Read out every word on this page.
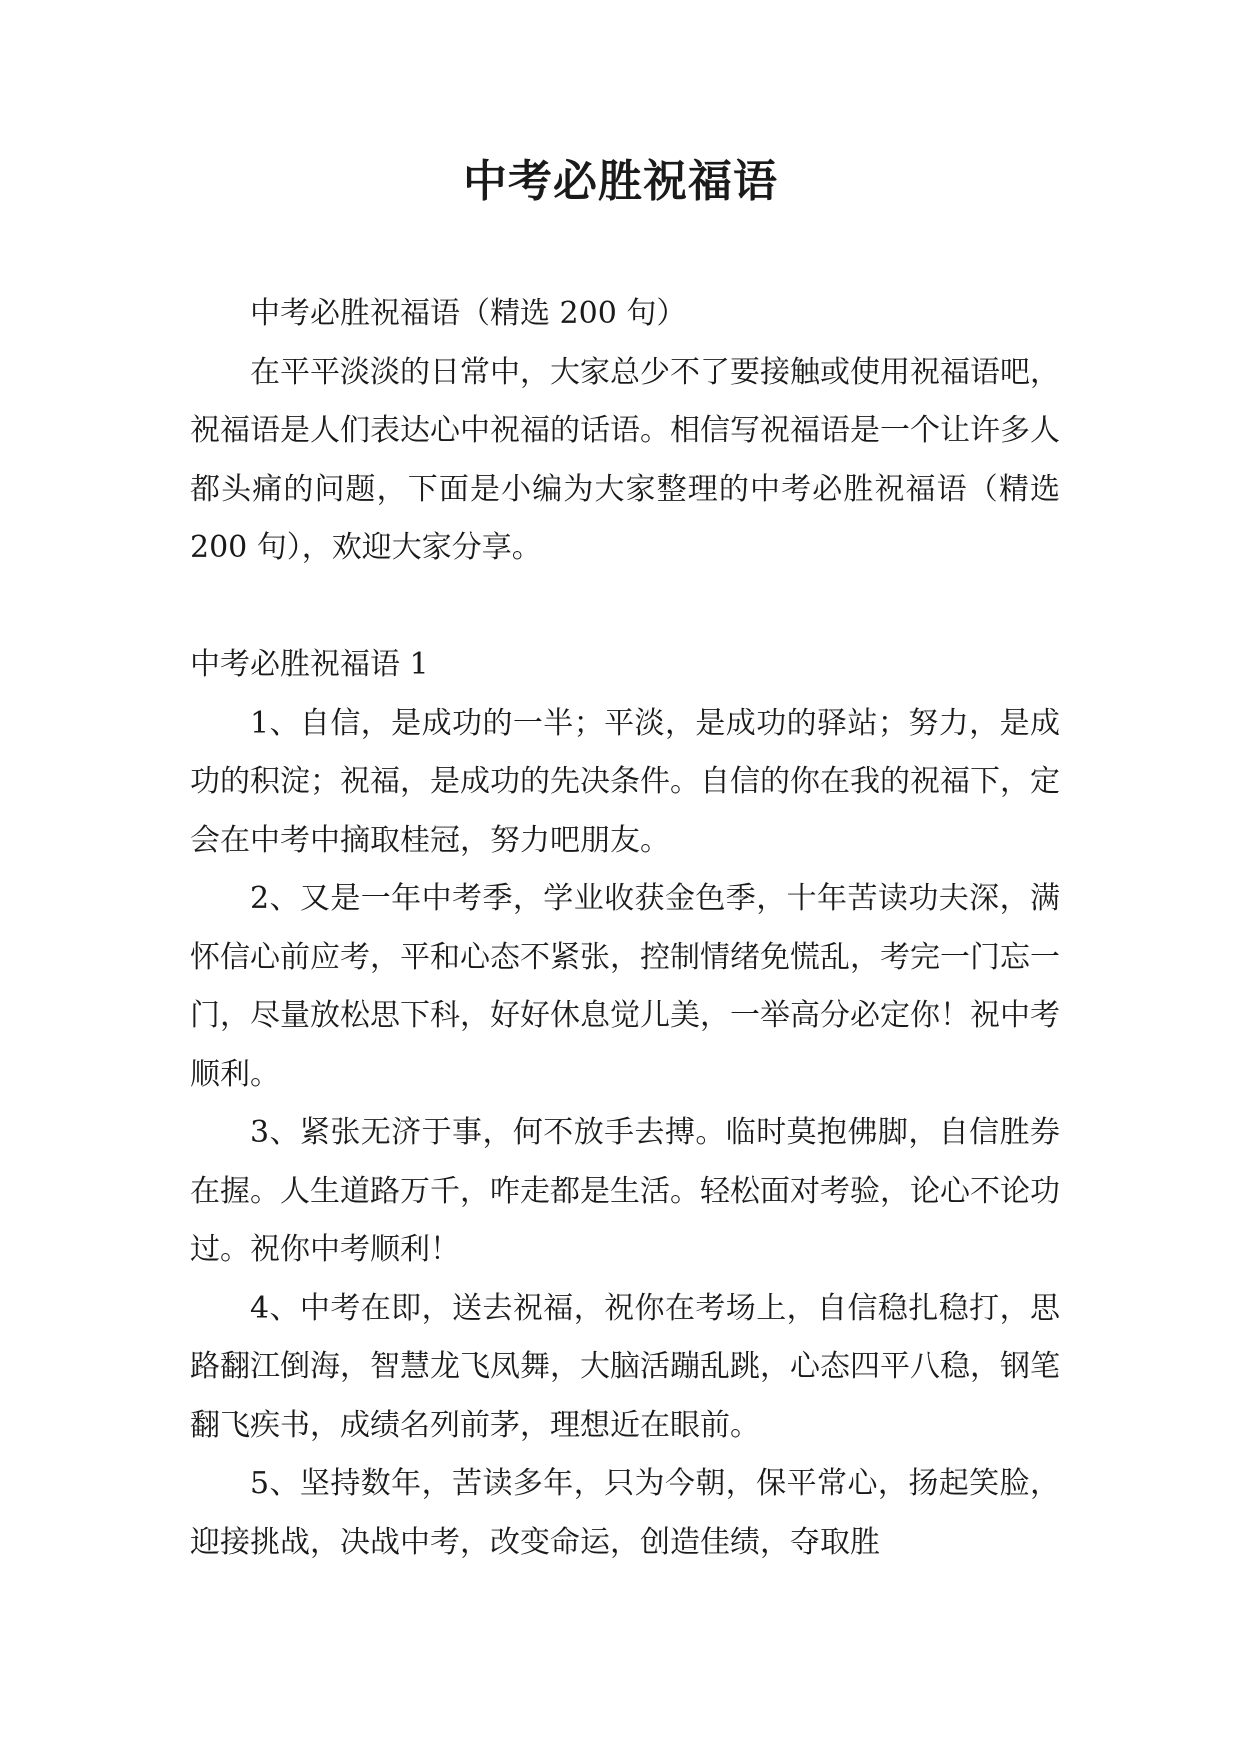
中考必胜祝福语

中考必胜祝福语（精选 200 句）

在平平淡淡的日常中，大家总少不了要接触或使用祝福语吧，祝福语是人们表达心中祝福的话语。相信写祝福语是一个让许多人都头痛的问题，下面是小编为大家整理的中考必胜祝福语（精选 200 句），欢迎大家分享。

中考必胜祝福语 1

1、自信，是成功的一半；平淡，是成功的驿站；努力，是成功的积淀；祝福，是成功的先决条件。自信的你在我的祝福下，定会在中考中摘取桂冠，努力吧朋友。

2、又是一年中考季，学业收获金色季，十年苦读功夫深，满怀信心前应考，平和心态不紧张，控制情绪免慌乱，考完一门忘一门，尽量放松思下科，好好休息觉儿美，一举高分必定你！祝中考顺利。

3、紧张无济于事，何不放手去搏。临时莫抱佛脚，自信胜券在握。人生道路万千，咋走都是生活。轻松面对考验，论心不论功过。祝你中考顺利！

4、中考在即，送去祝福，祝你在考场上，自信稳扎稳打，思路翻江倒海，智慧龙飞凤舞，大脑活蹦乱跳，心态四平八稳，钢笔翻飞疾书，成绩名列前茅，理想近在眼前。

5、坚持数年，苦读多年，只为今朝，保平常心，扬起笑脸，迎接挑战，决战中考，改变命运，创造佳绩，夺取胜
